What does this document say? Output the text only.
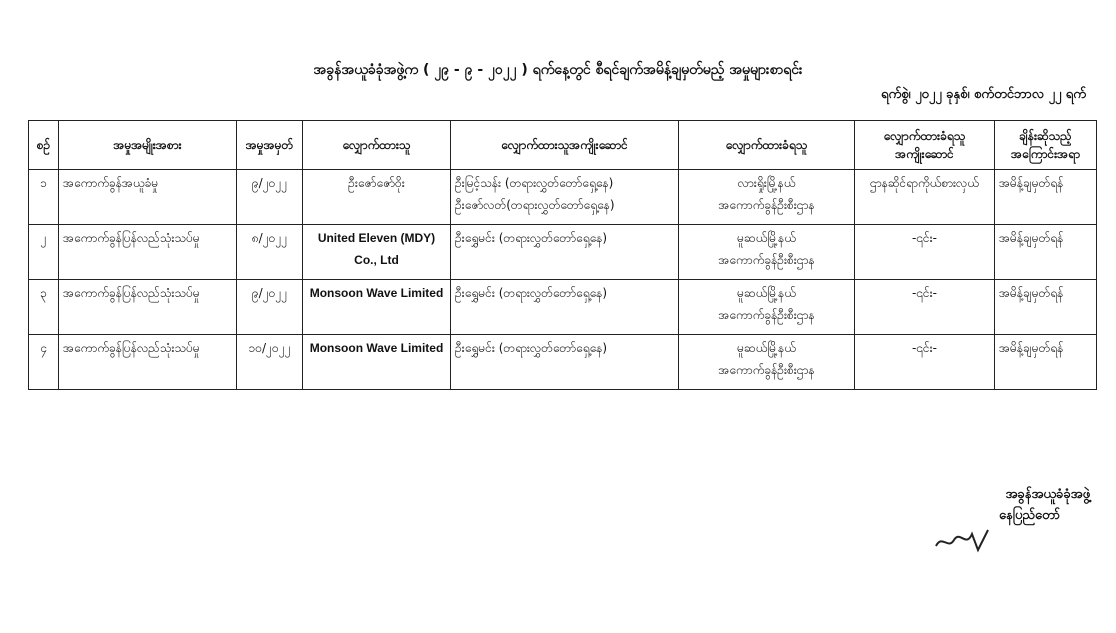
အခွန်အယူခံခုံအဖွဲ့က ( ၂၉ - ၉ - ၂၀၂၂ ) ရက်နေ့တွင် စီရင်ချက်အမိန့်ချမှတ်မည့် အမှုများစာရင်း
ရက်စွဲ၊ ၂၀၂၂ ခုနှစ်၊ စက်တင်ဘာလ ၂၂ ရက်
စဉ်	အမှုအမျိုးအစား	အမှုအမှတ်	လျှောက်ထားသူ	လျှောက်ထားသူအကျိုးဆောင်	လျှောက်ထားခံရသူ	လျှောက်ထားခံရသူ အကျိုးဆောင်	ချိန်းဆိုသည့် အကြောင်းအရာ
၁	အကောက်ခွန်အယူခံမှု	၉/၂၀၂၂	ဦးဇော်ဇော်ဝိုး	ဦးမြင့်သန်း (တရားလွှတ်တော်ရှေ့နေ)
ဦးဇော်လတ်(တရားလွှတ်တော်ရှေ့နေ)	လားရှိုးမြို့နယ်
အကောက်ခွန်ဦးစီးဌာန	ဌာနဆိုင်ရာကိုယ်စားလှယ်	အမိန့်ချမှတ်ရန်
၂	အကောက်ခွန်ပြန်လည်သုံးသပ်မှု	၈/၂၀၂၂	United Eleven (MDY)
Co., Ltd	ဦးရွှေမင်း (တရားလွှတ်တော်ရှေ့နေ)	မူဆယ်မြို့နယ်
အကောက်ခွန်ဦးစီးဌာန	-၎င်း-	အမိန့်ချမှတ်ရန်
၃	အကောက်ခွန်ပြန်လည်သုံးသပ်မှု	၉/၂၀၂၂	Monsoon Wave Limited	ဦးရွှေမင်း (တရားလွှတ်တော်ရှေ့နေ)	မူဆယ်မြို့နယ်
အကောက်ခွန်ဦးစီးဌာန	-၎င်း-	အမိန့်ချမှတ်ရန်
၄	အကောက်ခွန်ပြန်လည်သုံးသပ်မှု	၁၀/၂၀၂၂	Monsoon Wave Limited	ဦးရွှေမင်း (တရားလွှတ်တော်ရှေ့နေ)	မူဆယ်မြို့နယ်
အကောက်ခွန်ဦးစီးဌာန	-၎င်း-	အမိန့်ချမှတ်ရန်
အခွန်အယူခံခုံအဖွဲ့
နေပြည်တော်
